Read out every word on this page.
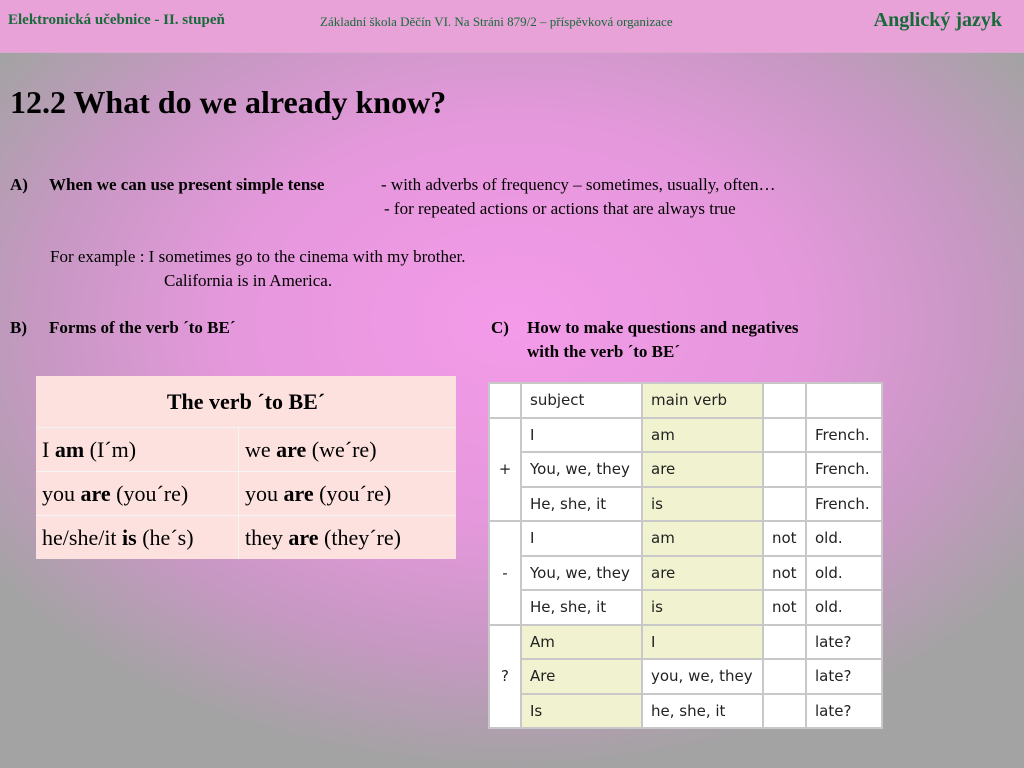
Elektronická učebnice - II. stupeň	Základní škola Děčín VI. Na Stráni 879/2 – příspěvková organizace	Anglický jazyk
12.2 What do we already know?
A) When we can use present simple tense	- with adverbs of frequency – sometimes, usually, often…
- for repeated actions or actions that are always true
For example : I sometimes go to the cinema with my brother.
California is in America.
B) Forms of the verb ´to BE´	C) How to make questions and negatives
with the verb ´to BE´
The verb ´to BE´	
I am (I´m)	we are (we´re)
you are (you´re)	you are (you´re)
he/she/it is (he´s)	they are (they´re)
	subject	main verb		
+	I	am		French.
	You, we, they	are		French.
	He, she, it	is		French.
-	I	am	not	old.
	You, we, they	are	not	old.
	He, she, it	is	not	old.
?	Am	I		late?
	Are	you, we, they		late?
	Is	he, she, it		late?
